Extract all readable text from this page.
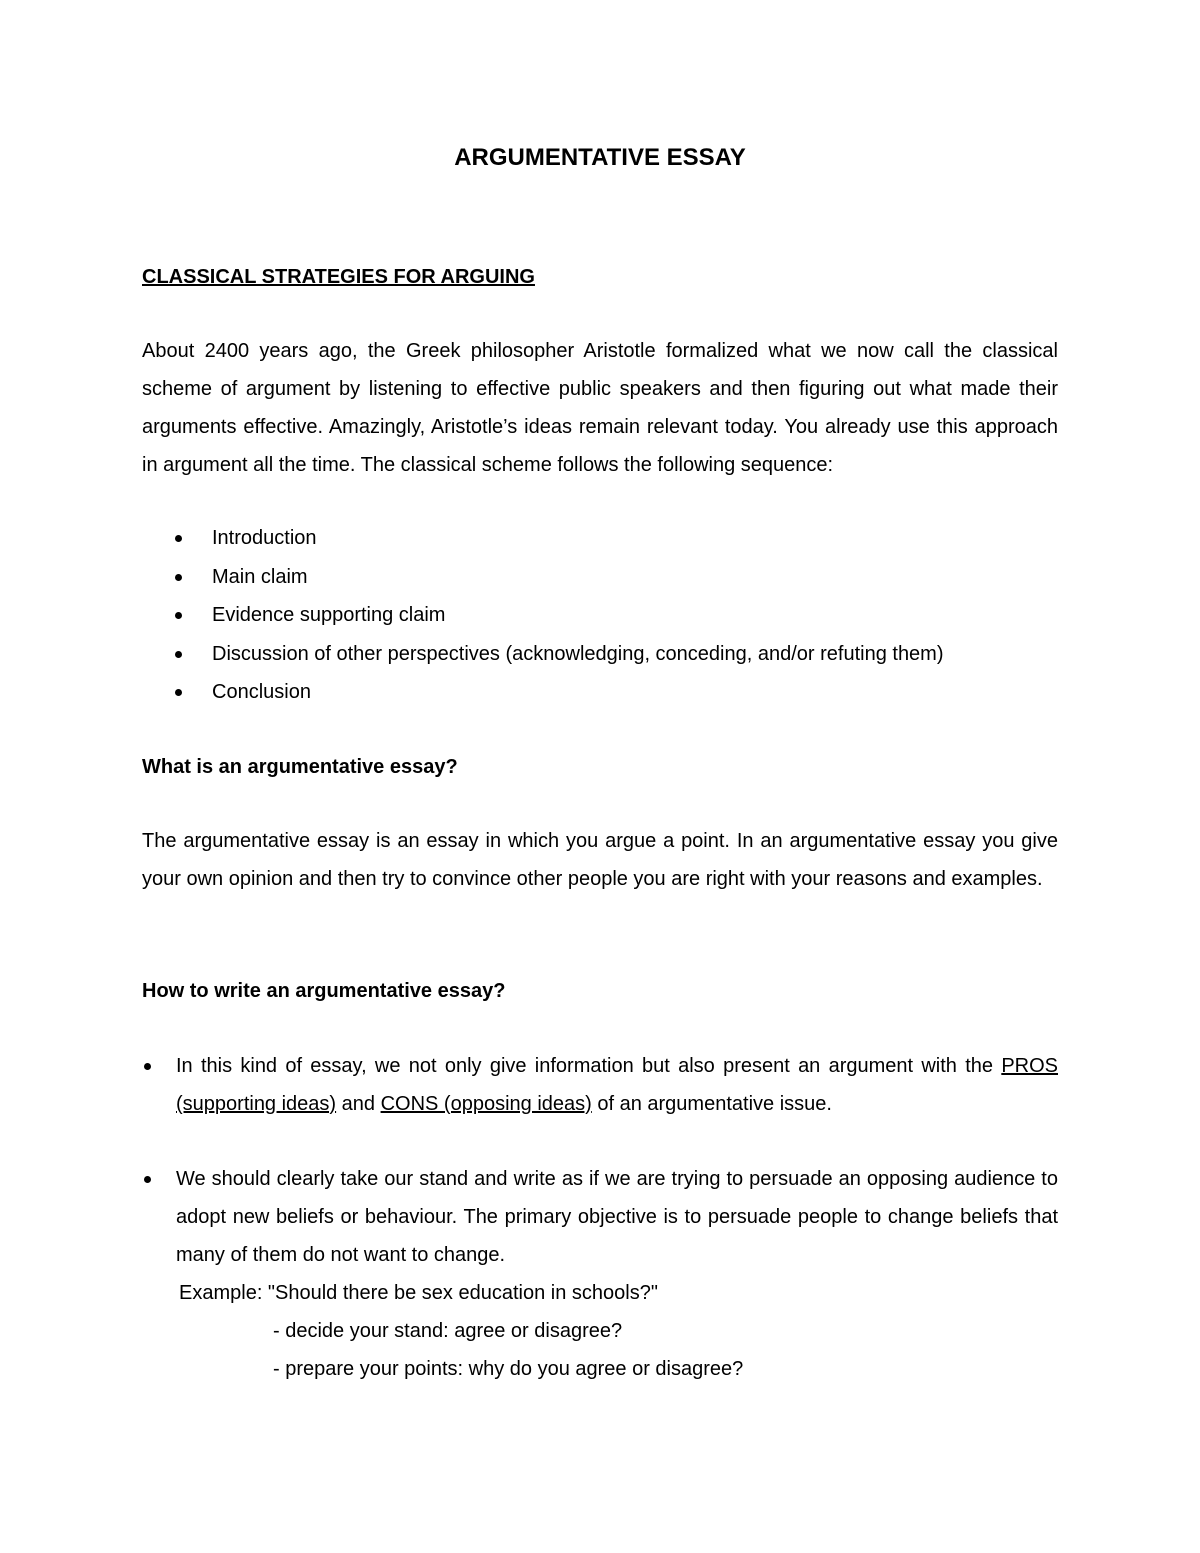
ARGUMENTATIVE ESSAY
CLASSICAL STRATEGIES FOR ARGUING

About 2400 years ago, the Greek philosopher Aristotle formalized what we now call the classical scheme of argument by listening to effective public speakers and then figuring out what made their arguments effective. Amazingly, Aristotle’s ideas remain relevant today. You already use this approach in argument all the time. The classical scheme follows the following sequence:

Introduction
Main claim
Evidence supporting claim
Discussion of other perspectives (acknowledging, conceding, and/or refuting them)
Conclusion
What is an argumentative essay?

The argumentative essay is an essay in which you argue a point. In an argumentative essay you give your own opinion and then try to convince other people you are right with your reasons and examples.

How to write an argumentative essay?
In this kind of essay, we not only give information but also present an argument with the PROS (supporting ideas) and CONS (opposing ideas) of an argumentative issue.
We should clearly take our stand and write as if we are trying to persuade an opposing audience to adopt new beliefs or behaviour. The primary objective is to persuade people to change beliefs that many of them do not want to change.
Example: "Should there be sex education in schools?"
- decide your stand: agree or disagree?
- prepare your points: why do you agree or disagree?
